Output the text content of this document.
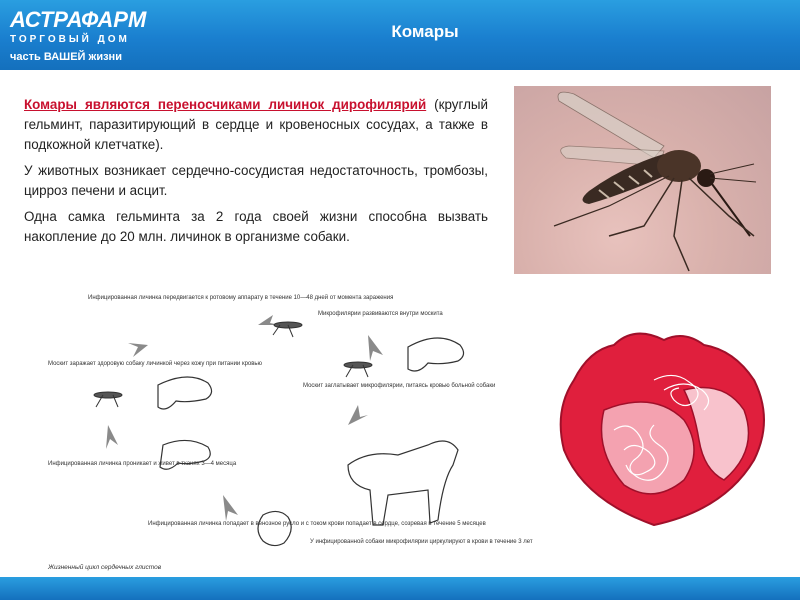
АСТРАФАРМ
ТОРГОВЫЙ ДОМ
часть ВАШЕЙ жизни
Комары

Комары являются переносчиками личинок дирофилярий (круглый гельминт, паразитирующий в сердце и кровеносных сосудах, а также в подкожной клетчатке).

У животных возникает сердечно-сосудистая недостаточность, тромбозы, цирроз печени и асцит.

Одна самка гельминта за 2 года своей жизни способна вызвать накопление до 20 млн. личинок в организме собаки.

Инфицированная личинка передвигается к ротовому аппарату в течение 10—48 дней от момента заражения
Микрофилярии развиваются внутри москита
Москит заражает здоровую собаку личинкой через кожу при питании кровью
Москит заглатывает микрофилярии, питаясь кровью больной собаки
Инфицированная личинка проникает и живет в тканях 3—4 месяца
Инфицированная личинка попадает в венозное русло и с током крови попадает в сердце, созревая в течение 5 месяцев
У инфицированной собаки микрофилярии циркулируют в крови в течение 3 лет
Жизненный цикл сердечных глистов
